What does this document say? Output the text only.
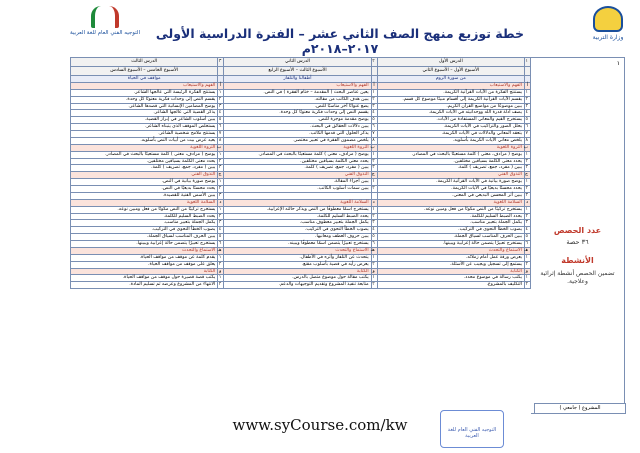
وزارة التربية
التوجيه الفني العام للغة العربية	خطة توزيع منهج الصف الثاني عشر – الفترة الدراسية الأولى ٢٠١٧–٢٠١٨م
١	الدرس الأول	٢	الدرس الثاني	٣	الدرس الثالث
	الأسبوع الأول – الأسبوع الثاني		الأسبوع الثالث – الأسبوع الرابع		الأسبوع الخامس – الأسبوع السادس
	من سورة الروم		أطفالنا والتلفاز		مواقف في الحياة
أ	الفهم والاستيعاب	أ	الفهم والاستيعاب	أ	الفهم والاستيعاب
١	يستنتج الفكرة من الآيات القرآنية الكريمة.	١	يعين عناصر البحث ( المقدمة – ختام الفقرة ) في النص.	١	يستنتج الفكرة الرئيسة التي عالجها الشاعر.
٢	يقسم الآيات القرآنية الكريمة إلى أقسام مبينًا موضوع كل قسم.	٢	يبين هدف الكاتب من مقالته.	٢	يقسم النص إلى وحدات فكرية معنونًا كل وحدة.
٣	يبين موضوعًا من مواضيع القرآن الكريم.	٣	يضع عنوانًا آخر مناسبًا للنص.	٣	يوضح المضامين الإنسانية التي قصدها الشاعر.
٤	يصف أدلة قدرة الله ووحدانيته في الآيات الكريمة.	٤	يقسم النص إلى وحدات فكرية معنونًا كل وحدة.	٤	يذكر القضية التي عالجها الشاعر.
٥	يستخرج القيم والمعاني المستفادة من الآيات.	٥	يوضح مقدمة موجزة للنص.	٥	يبين أسلوب الشاعر في إبراز القضية.
٦	يحلل الصور والتراكيب في الآيات الكريمة.	٦	يبين دلالات الحقائق في البحث.	٦	يستخلص الموقف الذي يتبناه الشاعر.
٧	يتعقد المعاني والدلالات في الآيات الكريمة.	٧	يذكر الحلول التي قدمها الكاتب.	٧	يستنتج ملامح شخصية الشاعر.
٨	يلخص معاني الآيات الكريمة بأسلوبه.	٨	يلخص مضمون الفقرة في تعبير مختصر.	٨	يعيد عرض بيت من أبيات النص بأسلوبه.
ب	الثروة اللغوية	ب	الثروة اللغوية	ب	الثروة اللغوية
١	يوضح ( مرادف، معنى ) كلمة مستعينًا بالبحث في المصادر.	١	يوضح ( مرادف، معنى ) كلمة مستعينًا بالبحث في المصادر.	١	يوضح ( مرادف، معنى ) كلمة مستعينًا بالبحث في المصادر.
٢	يحدد معنى الكلمة بسياقين مختلفين.	٢	يحدد معنى الكلمة بسياقين مختلفين.	٢	يحدد معنى الكلمة بسياقين مختلفين.
٣	يبين ( مفرد، جمع، تصريف ) كلمة.	٣	يبين ( مفرد، جمع، تصريف ) كلمة.	٣	يبين ( مفرد، جمع، تصريف ) كلمة.
ج	التذوق الفني	ج	التذوق الفني	ج	التذوق الفني
١	يوضح صورة بيانية في الآيات القرآنية الكريمة.	١	يبين أجزاء المقالة.	١	يوضح صورة بيانية في النص.
٢	يحدد محسنًا بديعيًا في الآيات الكريمة.	٢	يبين سمات أسلوب الكاتب.	٢	يحدد محسنًا بديعيًا في النص.
٣	يبين أثر المحسن البديعي في المعنى.			٣	يبين الأسس الفنية للقصيدة.
د	السلامة اللغوية	د	السلامة اللغوية	د	السلامة اللغوية
١	يستخرج تركيبًا من النص مكونًا من فعل ومبين نوعه.	١	يستخرج اسمًا معطوفًا من النص ويذكر حالته الإعرابية.	١	يستخرج تركيبًا من النص مكونًا من فعل ومبين نوعه.
٢	يحدد الضبط السليم للكلمة.	٢	يحدد الضبط السليم للكلمة.	٢	يحدد الضبط السليم للكلمة.
٣	يكمل الجملة بتعبير مناسب.	٣	يكمل الجملة بتعبير معطوف مناسب.	٣	يكمل الجملة بتعبير مناسب.
٤	يصوب الخطأ النحوي في التركيب.	٤	يصوب الخطأ النحوي في التركيب.	٤	يصوب الخطأ النحوي في التركيب.
٥	يبين الحرف المناسب لسياق الجملة.	٥	يبين حروف العطف ومعانيها.	٥	يبين الحرف المناسب لسياق الجملة.
٦	يستخرج تعبيرًا يتضمن حالة إعرابية ويبينها.	٦	يستخرج تعبيرًا يتضمن اسمًا معطوفًا ويبينه.	٦	يستخرج تعبيرًا يتضمن حالة إعرابية ويبينها.
هـ	الاستماع والتحدث	هـ	الاستماع والتحدث	هـ	الاستماع والتحدث
١	يعرض ورقة عمل أمام زملائه.	١	يتحدث عن التلفاز وأثره في الأطفال.	١	يقدم كلمة عن موقف من مواقف الحياة.
٢	يستمع إلى تسجيل ويجيب عن الأسئلة.	٢	يعرض رأيه في قضية بأسلوب مقنع.	٢	يعلق على موقف من مواقف الحياة.
و	الكتابة	و	الكتابة	و	الكتابة
١	يكتب رسالة في موضوع محدد.	١	يكتب مقالة حول موضوع متصل بالدرس.	١	يكتب قصة قصيرة حول موقف من مواقف الحياة.
٢	التكليف بالمشروع.	٢	متابعة تنفيذ المشروع وتقديم التوجيهات والدعم.	٢	الانتهاء من المشروع وعرضه ثم تسليم المادة.
١
عدد الحصص
٣٦ حصة
الأنشطة
تضمين الحصص أنشطة إثرائية وعلاجية.
المشروع ( جامعي )
www.syCourse.com/kw	التوجيه الفني العام للغة العربية
